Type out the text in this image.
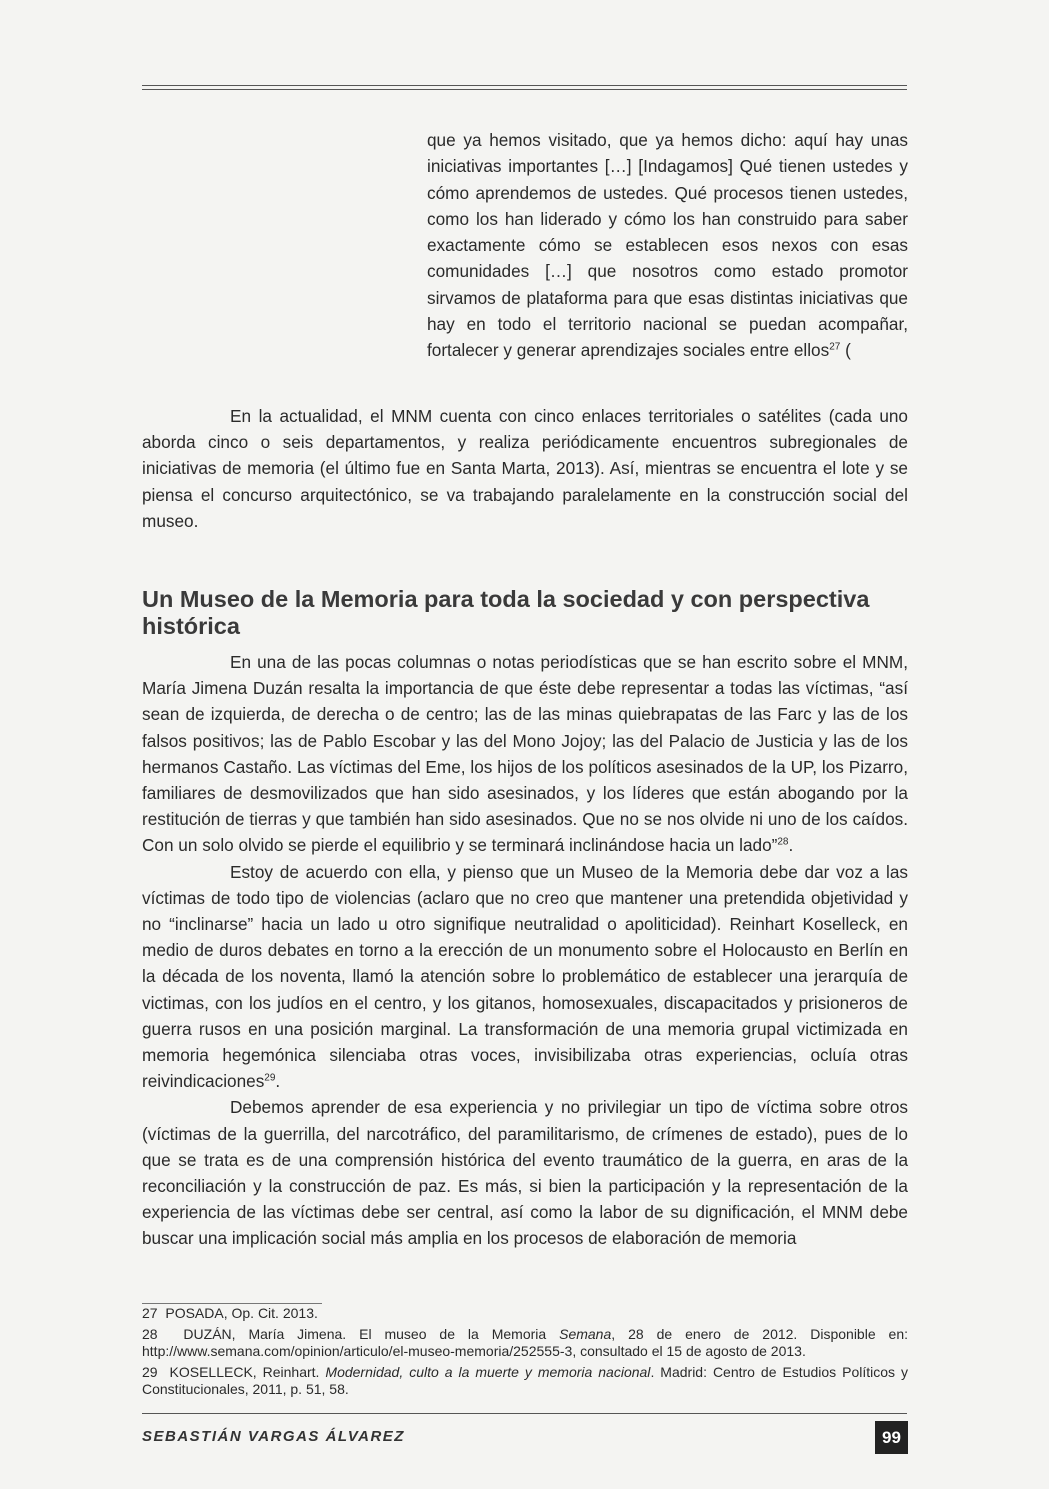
que ya hemos visitado, que ya hemos dicho: aquí hay unas iniciativas importantes […] [Indagamos] Qué tienen ustedes y cómo aprendemos de ustedes. Qué procesos tienen ustedes, como los han liderado y cómo los han construido para saber exactamente cómo se establecen esos nexos con esas comunidades […] que nosotros como estado promotor sirvamos de plataforma para que esas distintas iniciativas que hay en todo el territorio nacional se puedan acompañar, fortalecer y generar aprendizajes sociales entre ellos$^{27}$ (

En la actualidad, el MNM cuenta con cinco enlaces territoriales o satélites (cada uno aborda cinco o seis departamentos, y realiza periódicamente encuentros subregionales de iniciativas de memoria (el último fue en Santa Marta, 2013). Así, mientras se encuentra el lote y se piensa el concurso arquitectónico, se va trabajando paralelamente en la construcción social del museo.

Un Museo de la Memoria para toda la sociedad y con perspectiva histórica

En una de las pocas columnas o notas periodísticas que se han escrito sobre el MNM, María Jimena Duzán resalta la importancia de que éste debe representar a todas las víctimas, “así sean de izquierda, de derecha o de centro; las de las minas quiebrapatas de las Farc y las de los falsos positivos; las de Pablo Escobar y las del Mono Jojoy; las del Palacio de Justicia y las de los hermanos Castaño. Las víctimas del Eme, los hijos de los políticos asesinados de la UP, los Pizarro, familiares de desmovilizados que han sido asesinados, y los líderes que están abogando por la restitución de tierras y que también han sido asesinados. Que no se nos olvide ni uno de los caídos. Con un solo olvido se pierde el equilibrio y se terminará inclinándose hacia un lado”$^{28}$.

Estoy de acuerdo con ella, y pienso que un Museo de la Memoria debe dar voz a las víctimas de todo tipo de violencias (aclaro que no creo que mantener una pretendida objetividad y no “inclinarse” hacia un lado u otro signifique neutralidad o apoliticidad). Reinhart Koselleck, en medio de duros debates en torno a la erección de un monumento sobre el Holocausto en Berlín en la década de los noventa, llamó la atención sobre lo problemático de establecer una jerarquía de victimas, con los judíos en el centro, y los gitanos, homosexuales, discapacitados y prisioneros de guerra rusos en una posición marginal. La transformación de una memoria grupal victimizada en memoria hegemónica silenciaba otras voces, invisibilizaba otras experiencias, ocluía otras reivindicaciones$^{29}$.

Debemos aprender de esa experiencia y no privilegiar un tipo de víctima sobre otros (víctimas de la guerrilla, del narcotráfico, del paramilitarismo, de crímenes de estado), pues de lo que se trata es de una comprensión histórica del evento traumático de la guerra, en aras de la reconciliación y la construcción de paz. Es más, si bien la participación y la representación de la experiencia de las víctimas debe ser central, así como la labor de su dignificación, el MNM debe buscar una implicación social más amplia en los procesos de elaboración de memoria

27 POSADA, Op. Cit. 2013.

28 DUZÁN, María Jimena. El museo de la Memoria Semana, 28 de enero de 2012. Disponible en: http://www.semana.com/opinion/articulo/el-museo-memoria/252555-3, consultado el 15 de agosto de 2013.

29 KOSELLECK, Reinhart. Modernidad, culto a la muerte y memoria nacional. Madrid: Centro de Estudios Políticos y Constitucionales, 2011, p. 51, 58.

SEBASTIÁN VARGAS ÁLVAREZ	99
